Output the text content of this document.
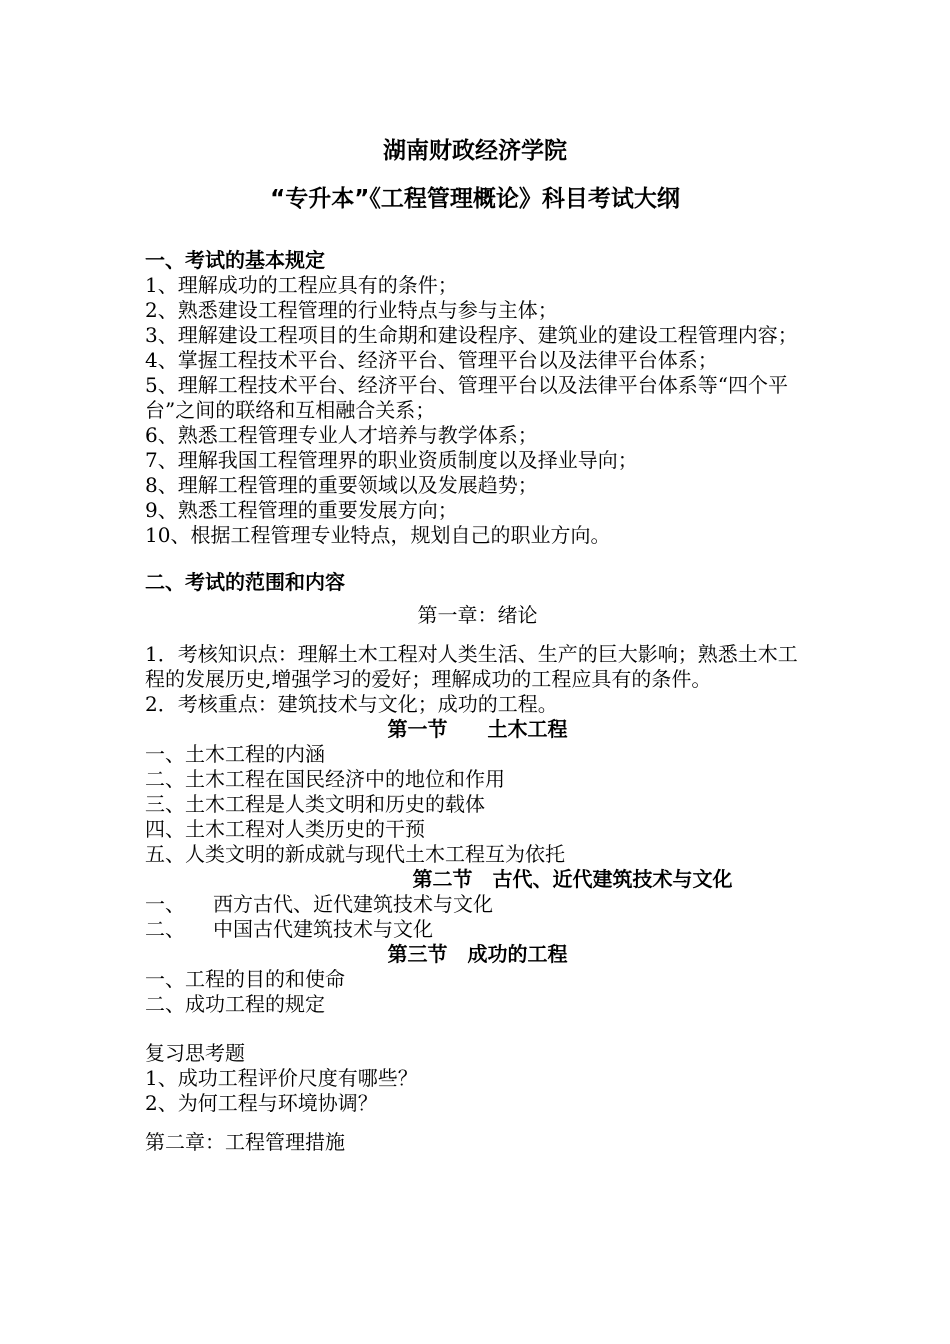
湖南财政经济学院
“专升本”《工程管理概论》科目考试大纲
一、考试的基本规定
1、理解成功的工程应具有的条件；
2、熟悉建设工程管理的行业特点与参与主体；
3、理解建设工程项目的生命期和建设程序、建筑业的建设工程管理内容；
4、掌握工程技术平台、经济平台、管理平台以及法律平台体系；
5、理解工程技术平台、经济平台、管理平台以及法律平台体系等“四个平台”之间的联络和互相融合关系；
6、熟悉工程管理专业人才培养与教学体系；
7、理解我国工程管理界的职业资质制度以及择业导向；
8、理解工程管理的重要领域以及发展趋势；
9、熟悉工程管理的重要发展方向；
10、根据工程管理专业特点，规划自己的职业方向。
二、考试的范围和内容
第一章：绪论
1．考核知识点：理解土木工程对人类生活、生产的巨大影响；熟悉土木工程的发展历史,增强学习的爱好；理解成功的工程应具有的条件。
2．考核重点：建筑技术与文化；成功的工程。
第一节　　土木工程
一、土木工程的内涵
二、土木工程在国民经济中的地位和作用
三、土木工程是人类文明和历史的载体
四、土木工程对人类历史的干预
五、人类文明的新成就与现代土木工程互为依托
第二节　古代、近代建筑技术与文化
一、 西方古代、近代建筑技术与文化
二、 中国古代建筑技术与文化
第三节　成功的工程
一、工程的目的和使命
二、成功工程的规定
复习思考题
1、成功工程评价尺度有哪些？
2、为何工程与环境协调？
第二章：工程管理措施
